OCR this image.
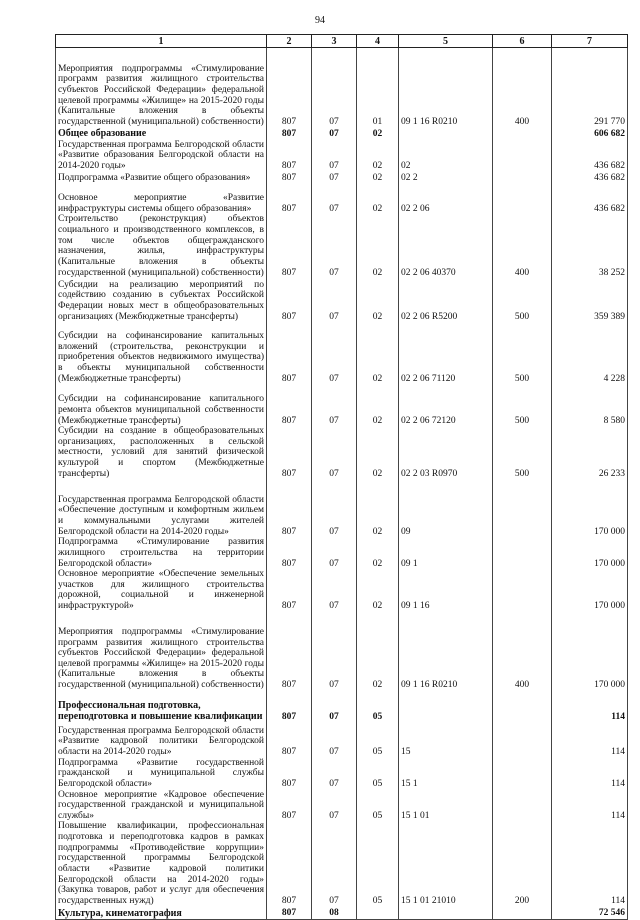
94
1	2	3	4	5	6	7
Мероприятия подпрограммы «Стимулирование программ развития жилищного строительства субъектов Российской Федерации» федеральной целевой программы «Жилище» на 2015-2020 годы (Капитальные вложения в объекты государственной (муниципальной) собственности)	807	07	01	09 1 16 R0210	400	291 770
Общее образование	807	07	02			606 682
Государственная программа Белгородской области «Развитие образования Белгородской области на 2014-2020 годы»	807	07	02	02		436 682
Подпрограмма «Развитие общего образования»	807	07	02	02 2		436 682
Основное мероприятие «Развитие инфраструктуры системы общего образования»	807	07	02	02 2 06		436 682
Строительство (реконструкция) объектов социального и производственного комплексов, в том числе объектов общегражданского назначения, жилья, инфраструктуры (Капитальные вложения в объекты государственной (муниципальной) собственности)	807	07	02	02 2 06 40370	400	38 252
Субсидии на реализацию мероприятий по содействию созданию в субъектах Российской Федерации новых мест в общеобразовательных организациях (Межбюджетные трансферты)	807	07	02	02 2 06 R5200	500	359 389
Субсидии на софинансирование капитальных вложений (строительства, реконструкции и приобретения объектов недвижимого имущества) в объекты муниципальной собственности (Межбюджетные трансферты)	807	07	02	02 2 06 71120	500	4 228
Субсидии на софинансирование капитального ремонта объектов муниципальной собственности (Межбюджетные трансферты)	807	07	02	02 2 06 72120	500	8 580
Субсидии на создание в общеобразовательных организациях, расположенных в сельской местности, условий для занятий физической культурой и спортом (Межбюджетные трансферты)	807	07	02	02 2 03 R0970	500	26 233
Государственная программа Белгородской области «Обеспечение доступным и комфортным жильем и коммунальными услугами жителей Белгородской области на 2014-2020 годы»	807	07	02	09		170 000
Подпрограмма «Стимулирование развития жилищного строительства на территории Белгородской области»	807	07	02	09 1		170 000
Основное мероприятие «Обеспечение земельных участков для жилищного строительства дорожной, социальной и инженерной инфраструктурой»	807	07	02	09 1 16		170 000
Мероприятия подпрограммы «Стимулирование программ развития жилищного строительства субъектов Российской Федерации» федеральной целевой программы «Жилище» на 2015-2020 годы (Капитальные вложения в объекты государственной (муниципальной) собственности)	807	07	02	09 1 16 R0210	400	170 000
Профессиональная подготовка, переподготовка и повышение квалификации	807	07	05			114
Государственная программа Белгородской области «Развитие кадровой политики Белгородской области на 2014-2020 годы»	807	07	05	15		114
Подпрограмма «Развитие государственной гражданской и муниципальной службы Белгородской области»	807	07	05	15 1		114
Основное мероприятие «Кадровое обеспечение государственной гражданской и муниципальной службы»	807	07	05	15 1 01		114
Повышение квалификации, профессиональная подготовка и переподготовка кадров в рамках подпрограммы «Противодействие коррупции» государственной программы Белгородской области «Развитие кадровой политики Белгородской области на 2014-2020 годы» (Закупка товаров, работ и услуг для обеспечения государственных нужд)	807	07	05	15 1 01 21010	200	114
Культура, кинематография	807	08				72 546
